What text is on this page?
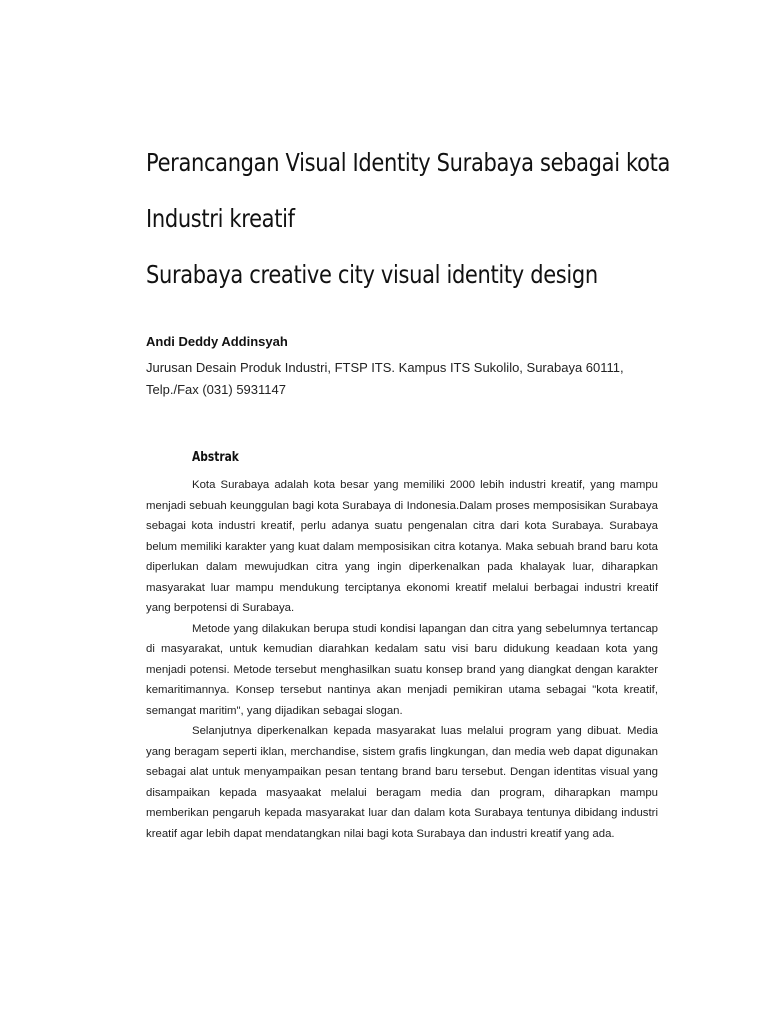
Perancangan Visual Identity Surabaya sebagai kota
Industri kreatif
Surabaya creative city visual identity design
Andi Deddy Addinsyah
Jurusan Desain Produk Industri, FTSP ITS. Kampus ITS Sukolilo, Surabaya 60111,
Telp./Fax (031) 5931147
Abstrak

Kota Surabaya adalah kota besar yang memiliki 2000 lebih industri kreatif, yang mampu menjadi sebuah keunggulan bagi kota Surabaya di Indonesia.Dalam proses memposisikan Surabaya sebagai kota industri kreatif, perlu adanya suatu pengenalan citra dari kota Surabaya. Surabaya belum memiliki karakter yang kuat dalam memposisikan citra kotanya. Maka sebuah brand baru kota diperlukan dalam mewujudkan citra yang ingin diperkenalkan pada khalayak luar, diharapkan masyarakat luar mampu mendukung terciptanya ekonomi kreatif melalui berbagai industri kreatif yang berpotensi di Surabaya.

Metode yang dilakukan berupa studi kondisi lapangan dan citra yang sebelumnya tertancap di masyarakat, untuk kemudian diarahkan kedalam satu visi baru didukung keadaan kota yang menjadi potensi. Metode tersebut menghasilkan suatu konsep brand yang diangkat dengan karakter kemaritimannya. Konsep tersebut nantinya akan menjadi pemikiran utama sebagai "kota kreatif, semangat maritim", yang dijadikan sebagai slogan.

Selanjutnya diperkenalkan kepada masyarakat luas melalui program yang dibuat. Media yang beragam seperti iklan, merchandise, sistem grafis lingkungan, dan media web dapat digunakan sebagai alat untuk menyampaikan pesan tentang brand baru tersebut. Dengan identitas visual yang disampaikan kepada masyaakat melalui beragam media dan program, diharapkan mampu memberikan pengaruh kepada masyarakat luar dan dalam kota Surabaya tentunya dibidang industri kreatif agar lebih dapat mendatangkan nilai bagi kota Surabaya dan industri kreatif yang ada.
